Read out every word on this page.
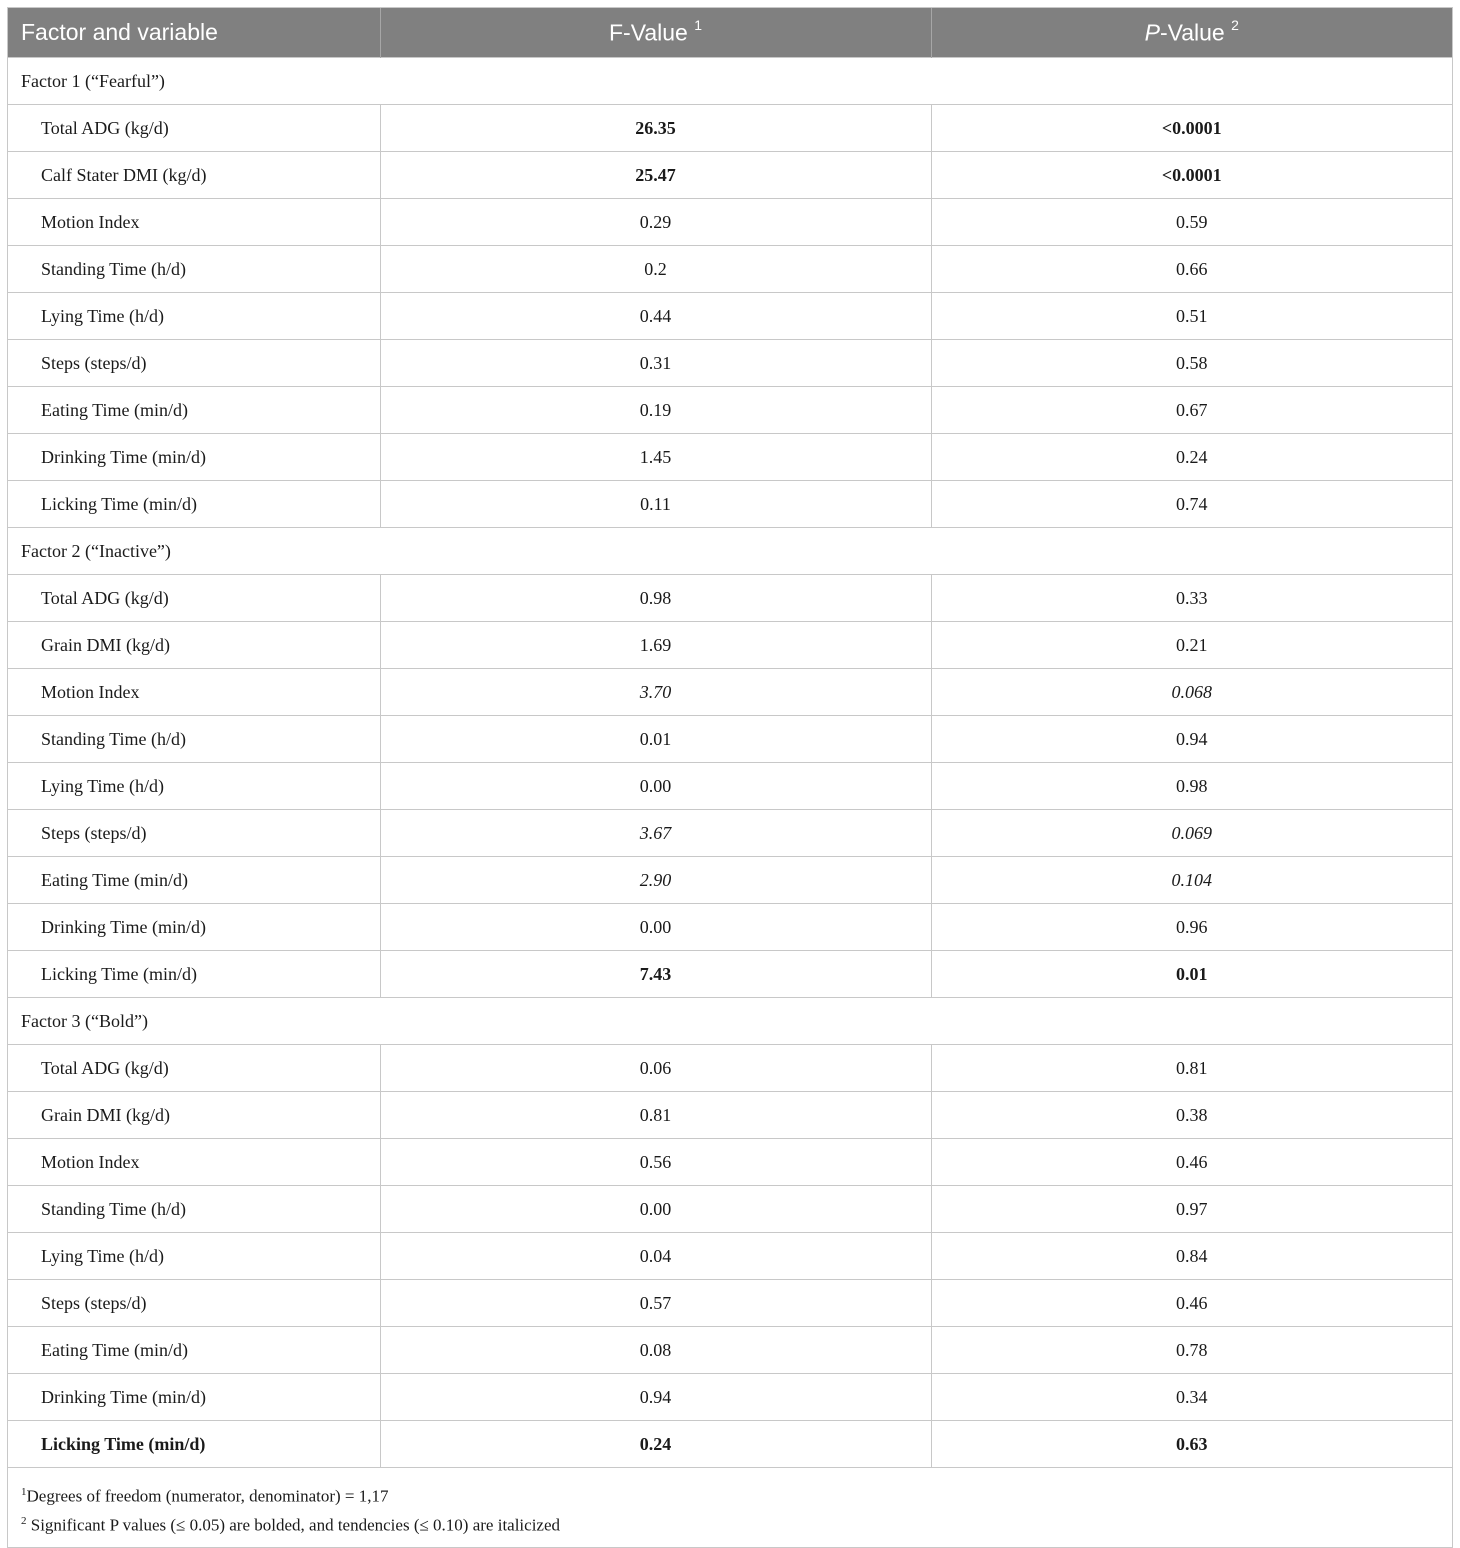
Factor and variable	F-Value $^1$	P-Value $^2$
Factor 1 (“Fearful”)		
Total ADG (kg/d)	26.35	<0.0001
Calf Stater DMI (kg/d)	25.47	<0.0001
Motion Index	0.29	0.59
Standing Time (h/d)	0.2	0.66
Lying Time (h/d)	0.44	0.51
Steps (steps/d)	0.31	0.58
Eating Time (min/d)	0.19	0.67
Drinking Time (min/d)	1.45	0.24
Licking Time (min/d)	0.11	0.74
Factor 2 (“Inactive”)		
Total ADG (kg/d)	0.98	0.33
Grain DMI (kg/d)	1.69	0.21
Motion Index	3.70	0.068
Standing Time (h/d)	0.01	0.94
Lying Time (h/d)	0.00	0.98
Steps (steps/d)	3.67	0.069
Eating Time (min/d)	2.90	0.104
Drinking Time (min/d)	0.00	0.96
Licking Time (min/d)	7.43	0.01
Factor 3 (“Bold”)		
Total ADG (kg/d)	0.06	0.81
Grain DMI (kg/d)	0.81	0.38
Motion Index	0.56	0.46
Standing Time (h/d)	0.00	0.97
Lying Time (h/d)	0.04	0.84
Steps (steps/d)	0.57	0.46
Eating Time (min/d)	0.08	0.78
Drinking Time (min/d)	0.94	0.34
Licking Time (min/d)	0.24	0.63

$^1$Degrees of freedom (numerator, denominator) = 1,17
$^2$ Significant P values (≤ 0.05) are bolded, and tendencies (≤ 0.10) are italicized		
